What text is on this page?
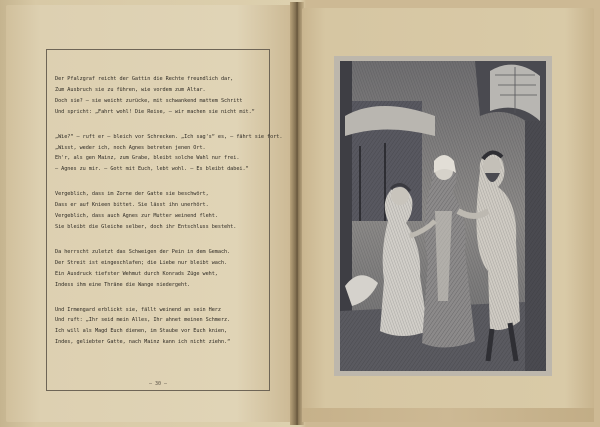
Der Pfalzgraf reicht der Gattin die Rechte freundlich dar,
Zum Ausbruch sie zu führen, wie vordem zum Altar.
Doch sie? — sie weicht zurücke, mit schwankend mattem Schritt
Und spricht: „Fahrt wohl! Die Reise, — wir machen sie nicht mit.“
„Wie?“ — ruft er — bleich vor Schrecken. „Ich sag's“ es, — fährt sie fort.
„Wisst, weder ich, noch Agnes betreten jenen Ort.
Eh'r, als gen Mainz, zum Grabe, bleibt solche Wahl nur frei.
— Agnes zu mir. — Gott mit Euch, lebt wohl. — Es bleibt dabei.“
Vergeblich, dass im Zorne der Gatte sie beschwört,
Dass er auf Knieen bittet. Sie lässt ihn unerhört.
Vergeblich, dass auch Agnes zur Mutter weinend fleht.
Sie bleibt die Gleiche selber, doch ihr Entschluss besteht.
Da herrscht zuletzt das Schweigen der Pein in dem Gemach.
Der Streit ist eingeschlafen; die Liebe nur bleibt wach.
Ein Ausdruck tiefster Wehmut durch Konrads Züge weht,
Indess ihm eine Thräne die Wange niedergeht.
Und Irmengard erblickt sie, fällt weinend an sein Herz
Und ruft: „Ihr seid mein Alles, Ihr ahnet meinen Schmerz.
Ich will als Magd Euch dienen, im Staube vor Euch knien,
Indes, geliebter Gatte, nach Mainz kann ich nicht ziehn.“
— 30 —
